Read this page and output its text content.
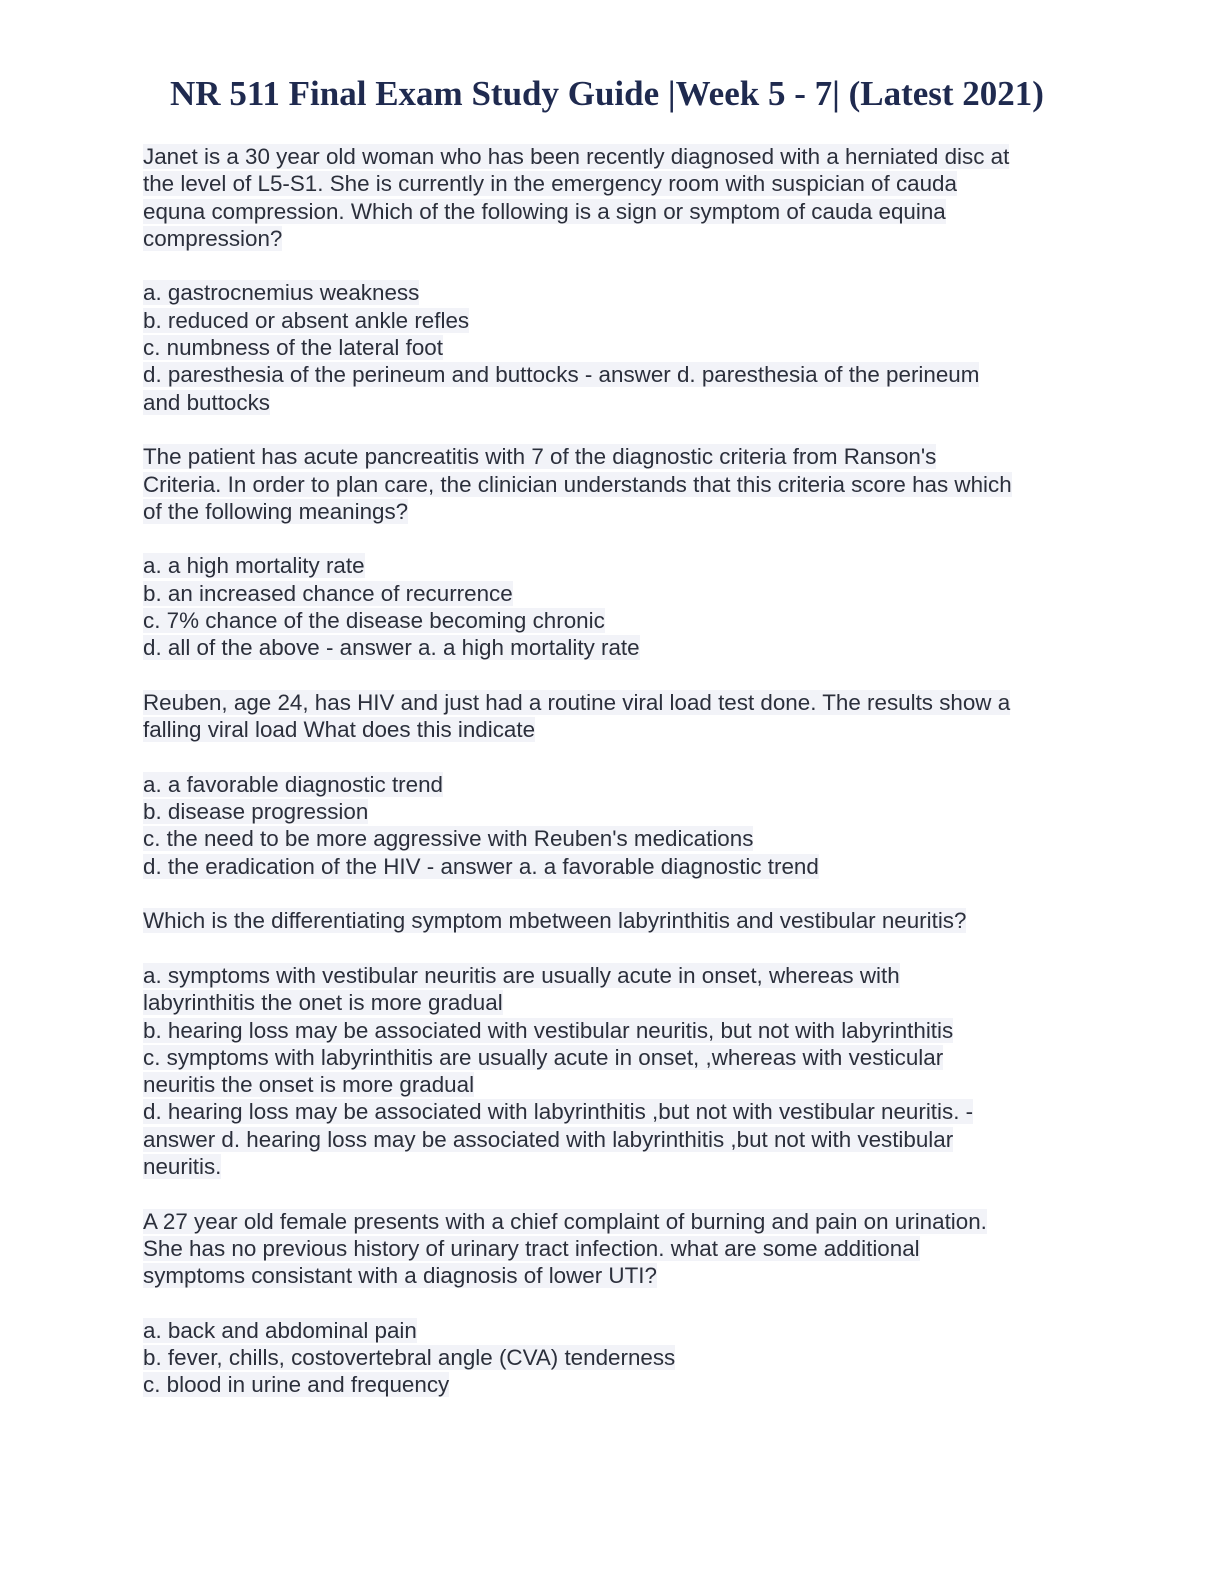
NR 511 Final Exam Study Guide |Week 5 - 7| (Latest 2021)

Janet is a 30 year old woman who has been recently diagnosed with a herniated disc at
the level of L5-S1. She is currently in the emergency room with suspician of cauda
equna compression. Which of the following is a sign or symptom of cauda equina
compression?

a. gastrocnemius weakness
b. reduced or absent ankle refles
c. numbness of the lateral foot
d. paresthesia of the perineum and buttocks - answer d. paresthesia of the perineum
and buttocks

The patient has acute pancreatitis with 7 of the diagnostic criteria from Ranson's
Criteria. In order to plan care, the clinician understands that this criteria score has which
of the following meanings?

a. a high mortality rate
b. an increased chance of recurrence
c. 7% chance of the disease becoming chronic
d. all of the above - answer a. a high mortality rate

Reuben, age 24, has HIV and just had a routine viral load test done. The results show a
falling viral load What does this indicate

a. a favorable diagnostic trend
b. disease progression
c. the need to be more aggressive with Reuben's medications
d. the eradication of the HIV - answer a. a favorable diagnostic trend

Which is the differentiating symptom mbetween labyrinthitis and vestibular neuritis?

a. symptoms with vestibular neuritis are usually acute in onset, whereas with
labyrinthitis the onet is more gradual
b. hearing loss may be associated with vestibular neuritis, but not with labyrinthitis
c. symptoms with labyrinthitis are usually acute in onset, ,whereas with vesticular
neuritis the onset is more gradual
d. hearing loss may be associated with labyrinthitis ,but not with vestibular neuritis. -
answer d. hearing loss may be associated with labyrinthitis ,but not with vestibular
neuritis.

A 27 year old female presents with a chief complaint of burning and pain on urination.
She has no previous history of urinary tract infection. what are some additional
symptoms consistant with a diagnosis of lower UTI?

a. back and abdominal pain
b. fever, chills, costovertebral angle (CVA) tenderness
c. blood in urine and frequency
